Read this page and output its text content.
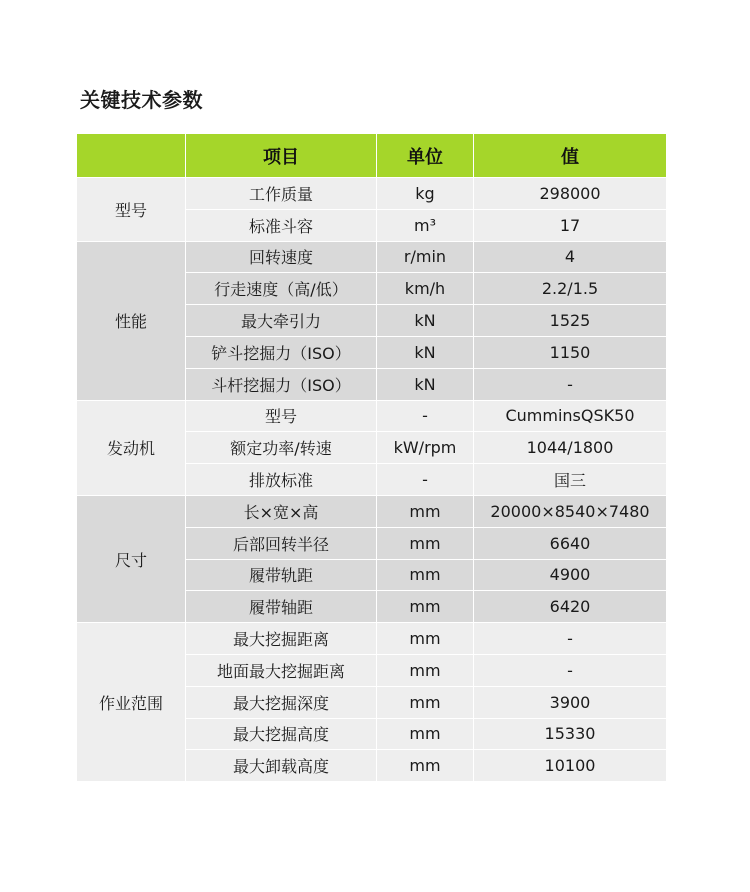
关键技术参数
	项目	单位	值
型号	工作质量	kg	298000
	标准斗容	m³	17
性能	回转速度	r/min	4
	行走速度（高/低）	km/h	2.2/1.5
	最大牵引力	kN	1525
	铲斗挖掘力（ISO）	kN	1150
	斗杆挖掘力（ISO）	kN	-
发动机	型号	-	CumminsQSK50
	额定功率/转速	kW/rpm	1044/1800
	排放标准	-	国三
尺寸	长×宽×高	mm	20000×8540×7480
	后部回转半径	mm	6640
	履带轨距	mm	4900
	履带轴距	mm	6420
作业范围	最大挖掘距离	mm	-
	地面最大挖掘距离	mm	-
	最大挖掘深度	mm	3900
	最大挖掘高度	mm	15330
	最大卸载高度	mm	10100
